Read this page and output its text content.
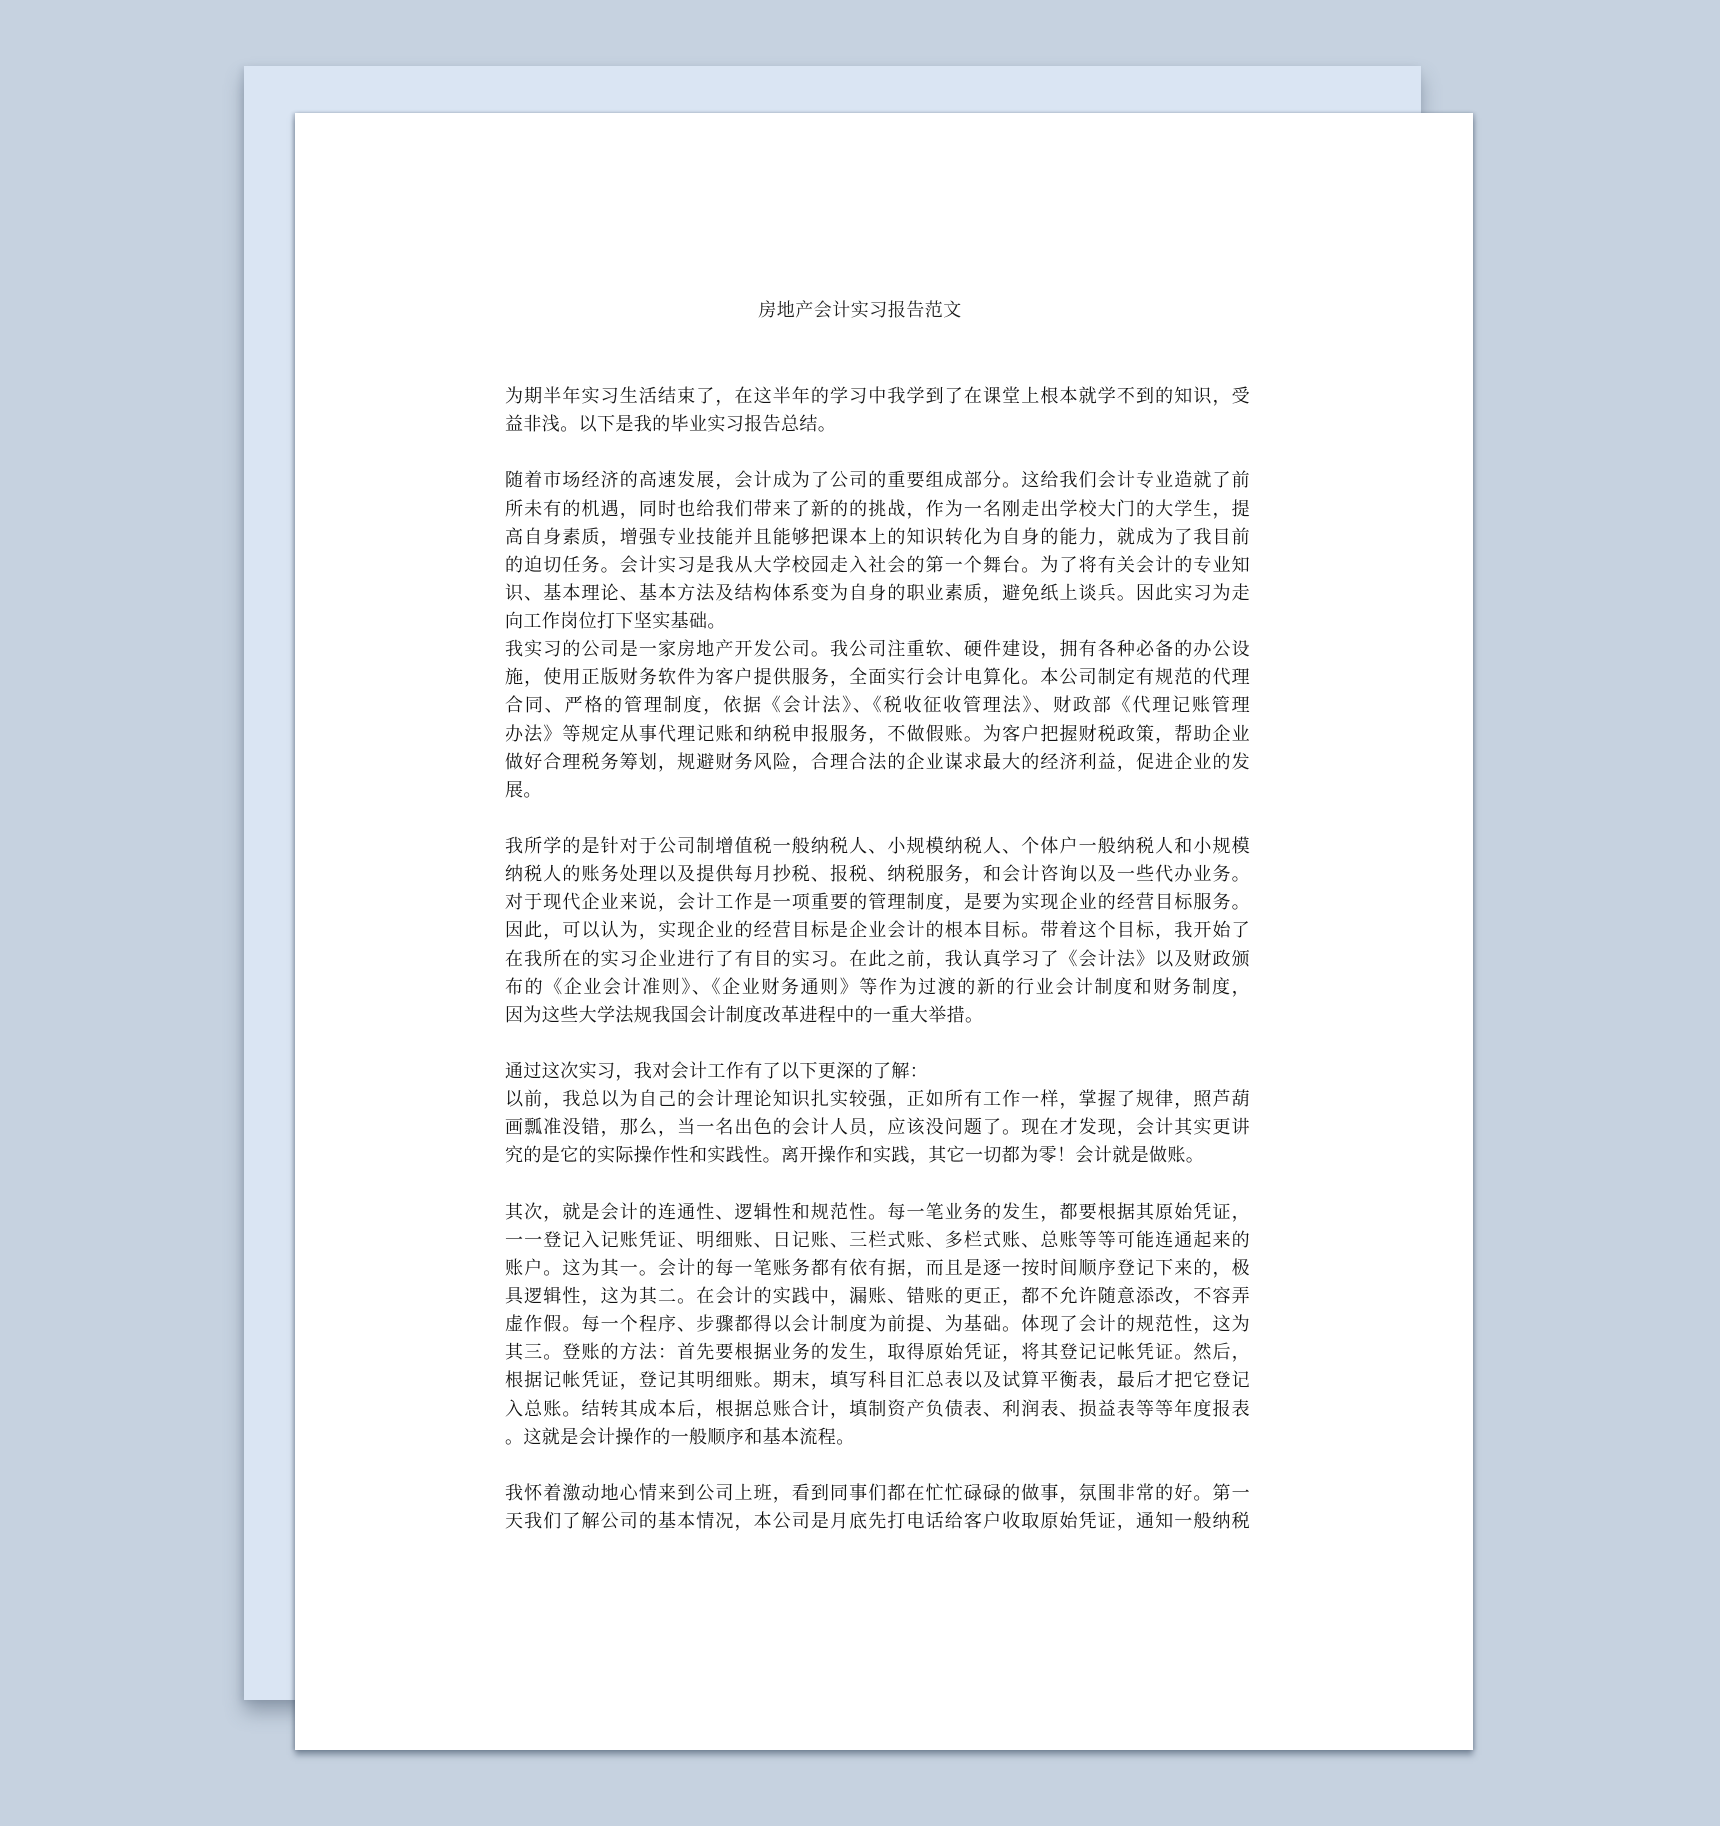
房地产会计实习报告范文
为期半年实习生活结束了，在这半年的学习中我学到了在课堂上根本就学不到的知识，受
益非浅。以下是我的毕业实习报告总结。
随着市场经济的高速发展，会计成为了公司的重要组成部分。这给我们会计专业造就了前
所未有的机遇，同时也给我们带来了新的的挑战，作为一名刚走出学校大门的大学生，提
高自身素质，增强专业技能并且能够把课本上的知识转化为自身的能力，就成为了我目前
的迫切任务。会计实习是我从大学校园走入社会的第一个舞台。为了将有关会计的专业知
识、基本理论、基本方法及结构体系变为自身的职业素质，避免纸上谈兵。因此实习为走
向工作岗位打下坚实基础。
我实习的公司是一家房地产开发公司。我公司注重软、硬件建设，拥有各种必备的办公设
施，使用正版财务软件为客户提供服务，全面实行会计电算化。本公司制定有规范的代理
合同、严格的管理制度，依据《会计法》、《税收征收管理法》、财政部《代理记账管理
办法》等规定从事代理记账和纳税申报服务，不做假账。为客户把握财税政策，帮助企业
做好合理税务筹划，规避财务风险，合理合法的企业谋求最大的经济利益，促进企业的发
展。
我所学的是针对于公司制增值税一般纳税人、小规模纳税人、个体户一般纳税人和小规模
纳税人的账务处理以及提供每月抄税、报税、纳税服务，和会计咨询以及一些代办业务。
对于现代企业来说，会计工作是一项重要的管理制度，是要为实现企业的经营目标服务。
因此，可以认为，实现企业的经营目标是企业会计的根本目标。带着这个目标，我开始了
在我所在的实习企业进行了有目的实习。在此之前，我认真学习了《会计法》以及财政颁
布的《企业会计准则》、《企业财务通则》等作为过渡的新的行业会计制度和财务制度，
因为这些大学法规我国会计制度改革进程中的一重大举措。
通过这次实习，我对会计工作有了以下更深的了解：
以前，我总以为自己的会计理论知识扎实较强，正如所有工作一样，掌握了规律，照芦葫
画瓢准没错，那么，当一名出色的会计人员，应该没问题了。现在才发现，会计其实更讲
究的是它的实际操作性和实践性。离开操作和实践，其它一切都为零！会计就是做账。
其次，就是会计的连通性、逻辑性和规范性。每一笔业务的发生，都要根据其原始凭证，
一一登记入记账凭证、明细账、日记账、三栏式账、多栏式账、总账等等可能连通起来的
账户。这为其一。会计的每一笔账务都有依有据，而且是逐一按时间顺序登记下来的，极
具逻辑性，这为其二。在会计的实践中，漏账、错账的更正，都不允许随意添改，不容弄
虚作假。每一个程序、步骤都得以会计制度为前提、为基础。体现了会计的规范性，这为
其三。登账的方法：首先要根据业务的发生，取得原始凭证，将其登记记帐凭证。然后，
根据记帐凭证，登记其明细账。期末，填写科目汇总表以及试算平衡表，最后才把它登记
入总账。结转其成本后，根据总账合计，填制资产负债表、利润表、损益表等等年度报表
。这就是会计操作的一般顺序和基本流程。
我怀着激动地心情来到公司上班，看到同事们都在忙忙碌碌的做事，氛围非常的好。第一
天我们了解公司的基本情况，本公司是月底先打电话给客户收取原始凭证，通知一般纳税
